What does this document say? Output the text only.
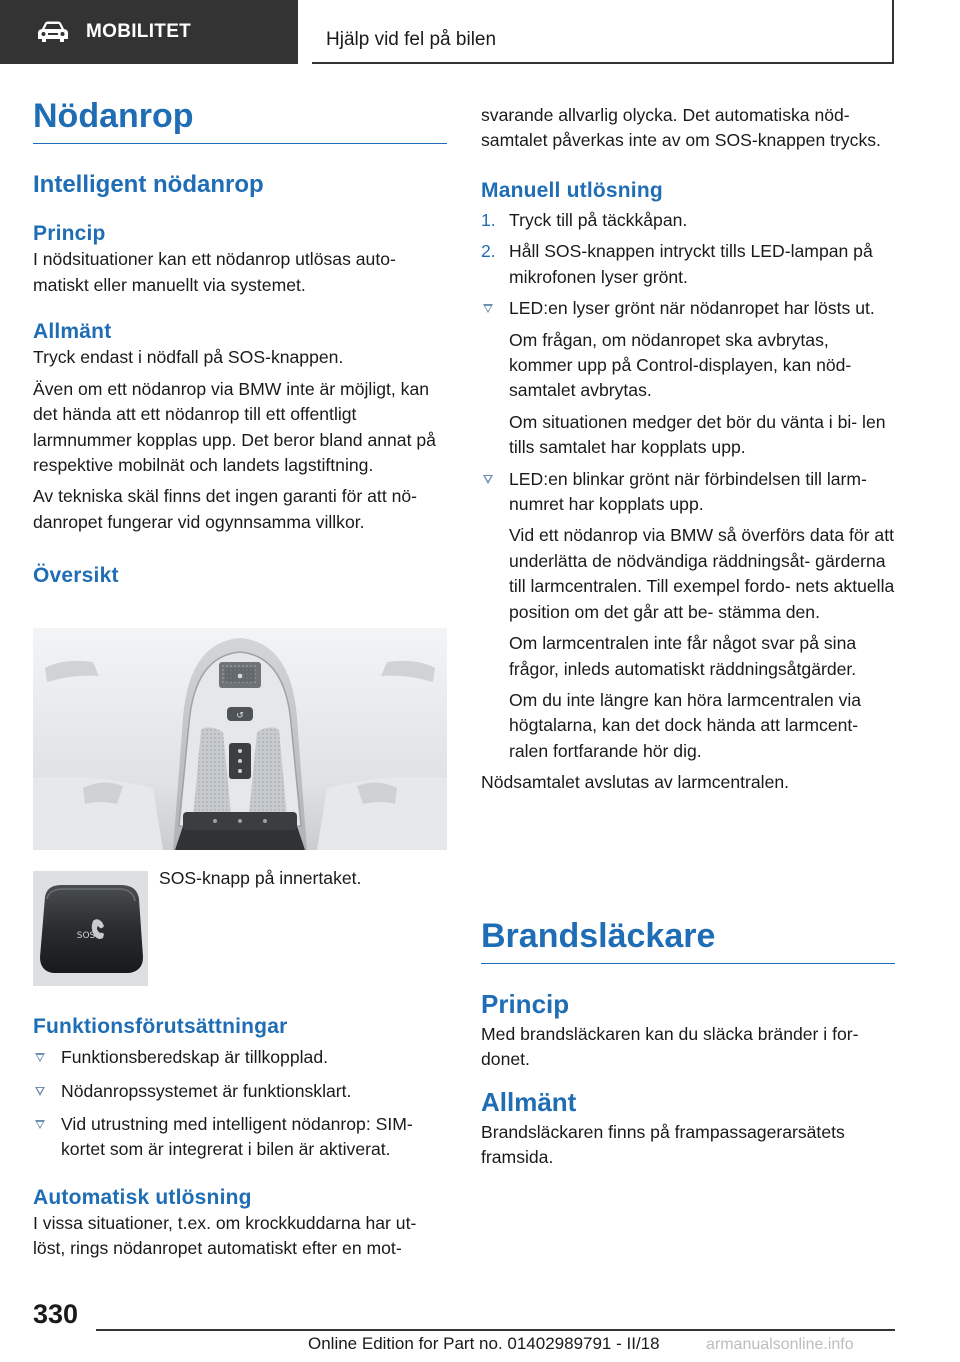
MOBILITET	Hjälp vid fel på bilen
Nödanrop
Intelligent nödanrop
Princip

I nödsituationer kan ett nödanrop utlösas auto‐ matiskt eller manuellt via systemet.

Allmänt

Tryck endast i nödfall på SOS-knappen.

Även om ett nödanrop via BMW inte är möjligt, kan det hända att ett nödanrop till ett offentligt larmnummer kopplas upp. Det beror bland annat på respektive mobilnät och landets lagstiftning.

Av tekniska skäl finns det ingen garanti för att nö‐ danropet fungerar vid ogynnsamma villkor.

Översikt
↺
SOS

SOS-knapp på innertaket.

Funktionsförutsättningar
Funktionsberedskap är tillkopplad.
Nödanropssystemet är funktionsklart.
Vid utrustning med intelligent nödanrop: SIM- kortet som är integrerat i bilen är aktiverat.
Automatisk utlösning

I vissa situationer, t.ex. om krockkuddarna har ut‐ löst, rings nödanropet automatiskt efter en mot‐

svarande allvarlig olycka. Det automatiska nöd‐ samtalet påverkas inte av om SOS-knappen trycks.

Manuell utlösning
1. Tryck till på täckkåpan.
2. Håll SOS-knappen intryckt tills LED-lampan på mikrofonen lyser grönt.
LED:en lyser grönt när nödanropet har lösts ut.
Om frågan, om nödanropet ska avbrytas, kommer upp på Control-displayen, kan nöd‐ samtalet avbrytas.
Om situationen medger det bör du vänta i bi‐ len tills samtalet har kopplats upp.
LED:en blinkar grönt när förbindelsen till larm‐ numret har kopplats upp.
Vid ett nödanrop via BMW så överförs data för att underlätta de nödvändiga räddningsåt‐ gärderna till larmcentralen. Till exempel fordo‐ nets aktuella position om det går att be‐ stämma den.
Om larmcentralen inte får något svar på sina frågor, inleds automatiskt räddningsåtgärder.
Om du inte längre kan höra larmcentralen via högtalarna, kan det dock hända att larmcent‐ ralen fortfarande hör dig.

Nödsamtalet avslutas av larmcentralen.

Brandsläckare
Princip

Med brandsläckaren kan du släcka bränder i for‐ donet.

Allmänt

Brandsläckaren finns på frampassagerarsätets framsida.

330
Online Edition for Part no. 01402989791 - II/18	armanualsonline.info
